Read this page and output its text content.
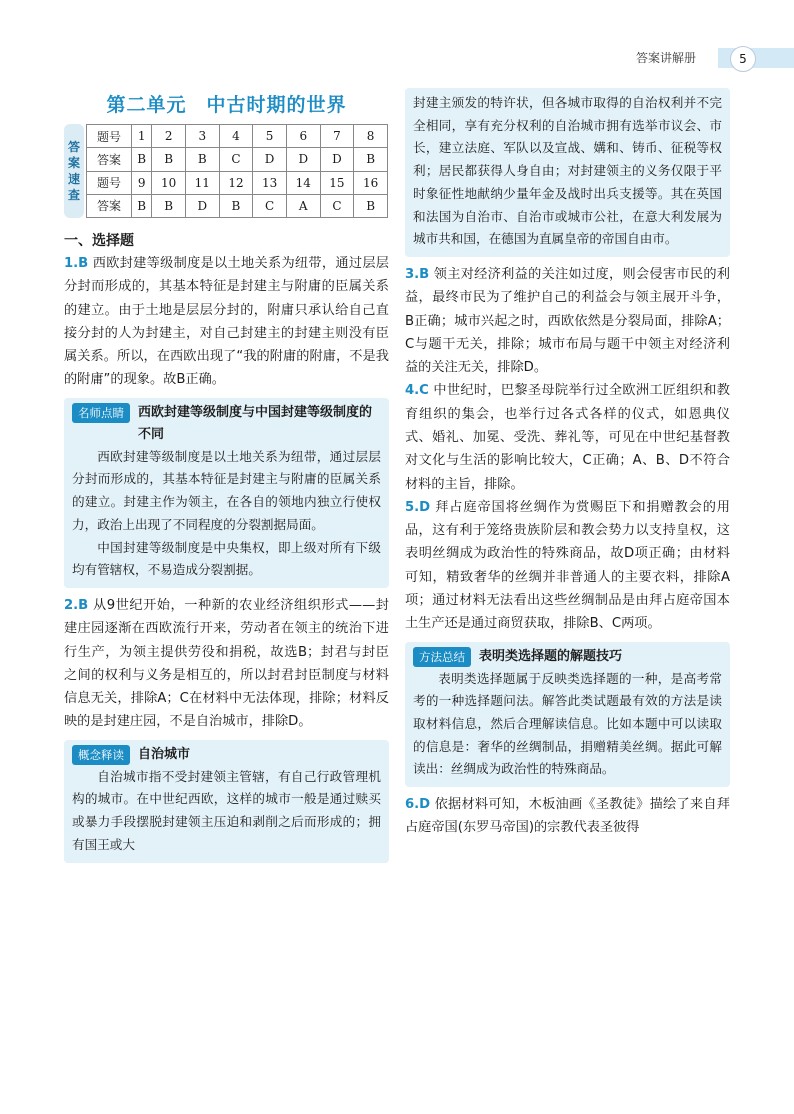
答案讲解册	5
第二单元　中古时期的世界
答
案
速
查
题号	1	2	3	4	5	6	7	8
答案	B	B	B	C	D	D	D	B
题号	9	10	11	12	13	14	15	16
答案	B	B	D	B	C	A	C	B
一、选择题

1.B 西欧封建等级制度是以土地关系为纽带，通过层层分封而形成的，其基本特征是封建主与附庸的臣属关系的建立。由于土地是层层分封的，附庸只承认给自己直接分封的人为封建主，对自己封建主的封建主则没有臣属关系。所以，在西欧出现了“我的附庸的附庸，不是我的附庸”的现象。故B正确。

名师点睛	西欧封建等级制度与中国封建等级制度的不同

西欧封建等级制度是以土地关系为纽带，通过层层分封而形成的，其基本特征是封建主与附庸的臣属关系的建立。封建主作为领主，在各自的领地内独立行使权力，政治上出现了不同程度的分裂割据局面。

中国封建等级制度是中央集权，即上级对所有下级均有管辖权，不易造成分裂割据。

2.B 从9世纪开始，一种新的农业经济组织形式——封建庄园逐渐在西欧流行开来，劳动者在领主的统治下进行生产，为领主提供劳役和捐税，故选B；封君与封臣之间的权利与义务是相互的，所以封君封臣制度与材料信息无关，排除A；C在材料中无法体现，排除；材料反映的是封建庄园，不是自治城市，排除D。

概念释读	自治城市

自治城市指不受封建领主管辖，有自己行政管理机构的城市。在中世纪西欧，这样的城市一般是通过赎买或暴力手段摆脱封建领主压迫和剥削之后而形成的；拥有国王或大

封建主颁发的特许状，但各城市取得的自治权利并不完全相同，享有充分权利的自治城市拥有选举市议会、市长，建立法庭、军队以及宣战、媾和、铸币、征税等权利；居民都获得人身自由；对封建领主的义务仅限于平时象征性地献纳少量年金及战时出兵支援等。其在英国和法国为自治市、自治市或城市公社，在意大利发展为城市共和国，在德国为直属皇帝的帝国自由市。

3.B 领主对经济利益的关注如过度，则会侵害市民的利益，最终市民为了维护自己的利益会与领主展开斗争，B正确；城市兴起之时，西欧依然是分裂局面，排除A；C与题干无关，排除；城市布局与题干中领主对经济利益的关注无关，排除D。

4.C 中世纪时，巴黎圣母院举行过全欧洲工匠组织和教育组织的集会，也举行过各式各样的仪式，如恩典仪式、婚礼、加冕、受洗、葬礼等，可见在中世纪基督教对文化与生活的影响比较大，C正确；A、B、D不符合材料的主旨，排除。

5.D 拜占庭帝国将丝绸作为赏赐臣下和捐赠教会的用品，这有利于笼络贵族阶层和教会势力以支持皇权，这表明丝绸成为政治性的特殊商品，故D项正确；由材料可知，精致奢华的丝绸并非普通人的主要衣料，排除A项；通过材料无法看出这些丝绸制品是由拜占庭帝国本土生产还是通过商贸获取，排除B、C两项。

方法总结	表明类选择题的解题技巧

表明类选择题属于反映类选择题的一种，是高考常考的一种选择题问法。解答此类试题最有效的方法是读取材料信息，然后合理解读信息。比如本题中可以读取的信息是：奢华的丝绸制品，捐赠精美丝绸。据此可解读出：丝绸成为政治性的特殊商品。

6.D 依据材料可知，木板油画《圣教徒》描绘了来自拜占庭帝国(东罗马帝国)的宗教代表圣彼得
